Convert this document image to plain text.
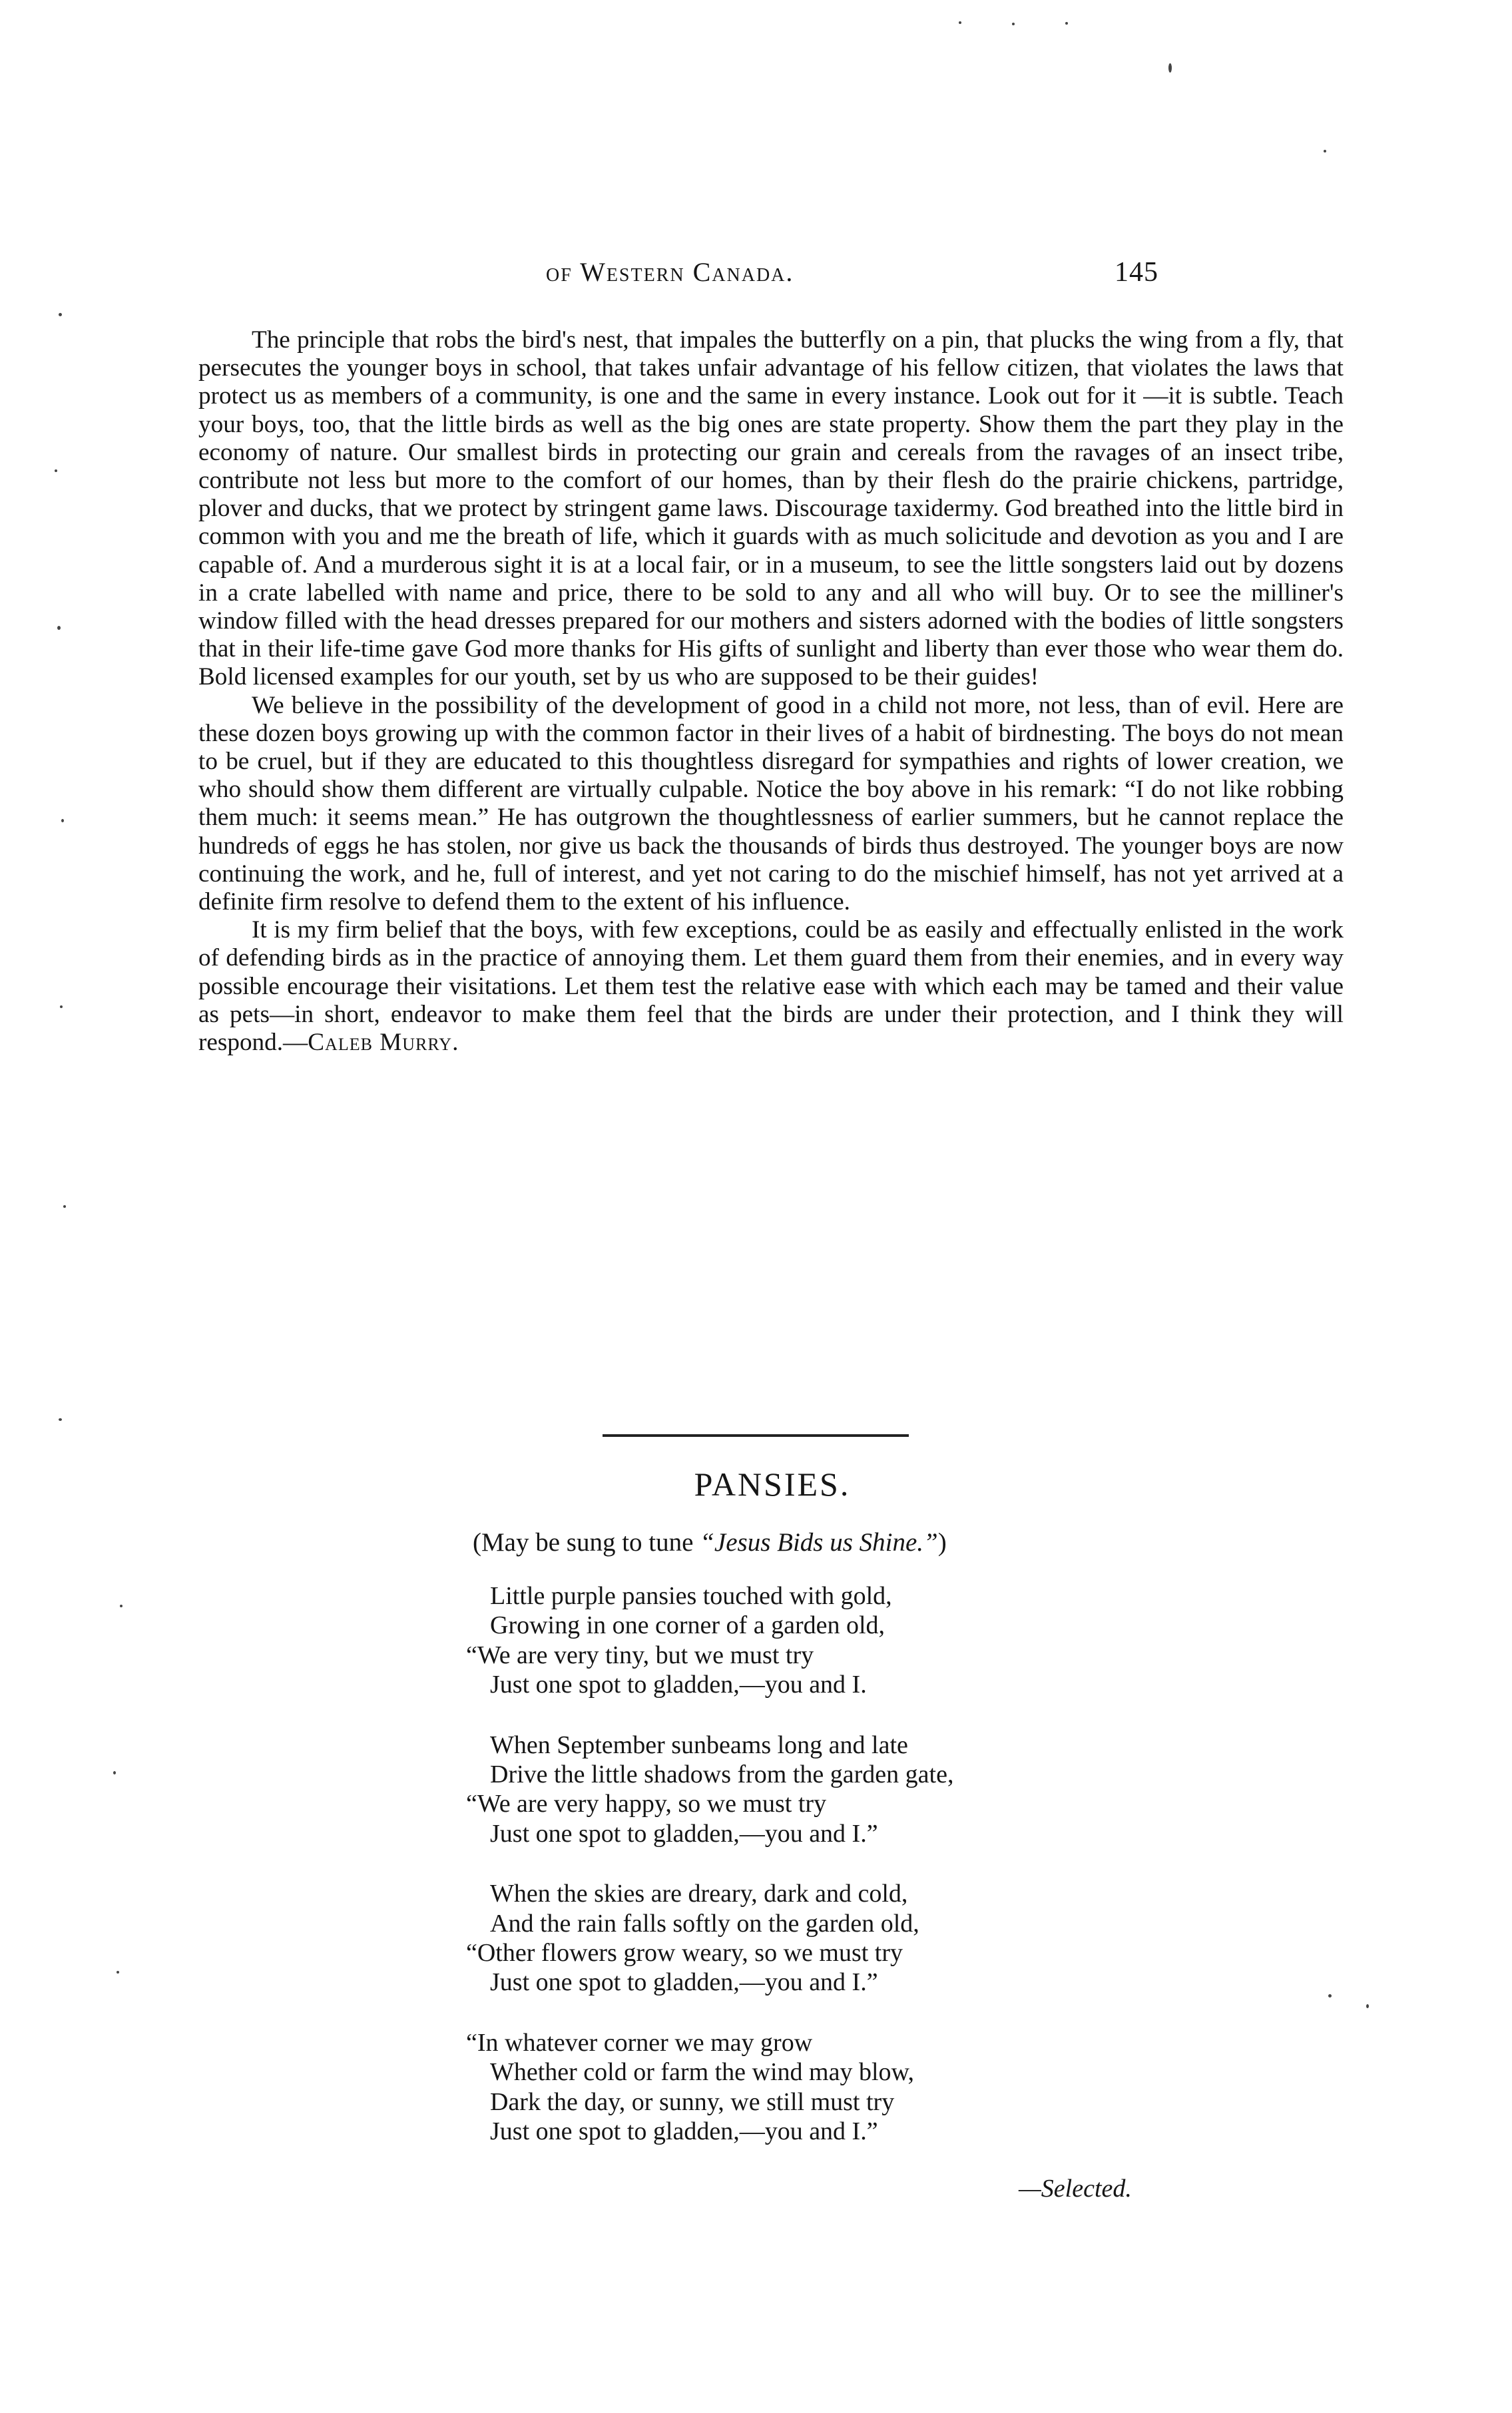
of Western Canada.	145

The principle that robs the bird's nest, that impales the butterfly on a pin, that plucks the wing from a fly, that persecutes the younger boys in school, that takes unfair advantage of his fellow citizen, that violates the laws that protect us as members of a community, is one and the same in every instance. Look out for it —it is subtle. Teach your boys, too, that the little birds as well as the big ones are state property. Show them the part they play in the economy of nature. Our smallest birds in protecting our grain and cereals from the ravages of an insect tribe, contribute not less but more to the comfort of our homes, than by their flesh do the prairie chickens, partridge, plover and ducks, that we protect by stringent game laws. Discourage taxidermy. God breathed into the little bird in common with you and me the breath of life, which it guards with as much solicitude and devotion as you and I are capable of. And a murderous sight it is at a local fair, or in a museum, to see the little songsters laid out by dozens in a crate labelled with name and price, there to be sold to any and all who will buy. Or to see the milliner's window filled with the head dresses prepared for our mothers and sisters adorned with the bodies of little songsters that in their life-time gave God more thanks for His gifts of sunlight and liberty than ever those who wear them do. Bold licensed examples for our youth, set by us who are supposed to be their guides!

We believe in the possibility of the development of good in a child not more, not less, than of evil. Here are these dozen boys growing up with the common factor in their lives of a habit of birdnesting. The boys do not mean to be cruel, but if they are educated to this thoughtless disregard for sympathies and rights of lower creation, we who should show them different are virtually culpable. Notice the boy above in his remark: “I do not like robbing them much: it seems mean.” He has outgrown the thoughtlessness of earlier summers, but he cannot replace the hundreds of eggs he has stolen, nor give us back the thousands of birds thus destroyed. The younger boys are now continuing the work, and he, full of interest, and yet not caring to do the mischief himself, has not yet arrived at a definite firm resolve to defend them to the extent of his influence.

It is my firm belief that the boys, with few exceptions, could be as easily and effectually enlisted in the work of defending birds as in the practice of annoying them. Let them guard them from their enemies, and in every way possible encourage their visitations. Let them test the relative ease with which each may be tamed and their value as pets—in short, endeavor to make them feel that the birds are under their protection, and I think they will respond.—Caleb Murry.

PANSIES.
(May be sung to tune “Jesus Bids us Shine.”)
Little purple pansies touched with gold,
Growing in one corner of a garden old,
“We are very tiny, but we must try
Just one spot to gladden,—you and I.
When September sunbeams long and late
Drive the little shadows from the garden gate,
“We are very happy, so we must try
Just one spot to gladden,—you and I.”
When the skies are dreary, dark and cold,
And the rain falls softly on the garden old,
“Other flowers grow weary, so we must try
Just one spot to gladden,—you and I.”
“In whatever corner we may grow
Whether cold or farm the wind may blow,
Dark the day, or sunny, we still must try
Just one spot to gladden,—you and I.”
—Selected.
